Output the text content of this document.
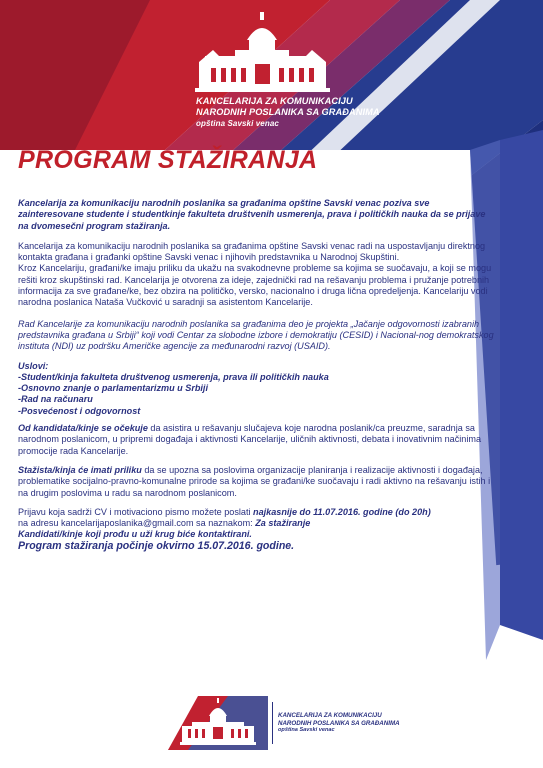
KANCELARIJA ZA KOMUNIKACIJU
NARODNIH POSLANIKA SA GRAĐANIMA
opština Savski venac
PROGRAM STAŽIRANJA

Kancelarija za komunikaciju narodnih poslanika sa građanima opštine Savski venac poziva sve zainteresovane studente i studentkinje fakulteta društvenih usmerenja, prava i političkih nauka da se prijave na dvomesečni program stažiranja.

Kancelarija za komunikaciju narodnih poslanika sa građanima opštine Savski venac radi na uspostavljanju direktnog kontakta građana i građanki opštine Savski venac i njihovih predstavnika u Narodnoj Skupštini.

Kroz Kancelariju, građani/ke imaju priliku da ukažu na svakodnevne probleme sa kojima se suočavaju, a koji se mogu rešiti kroz skupštinski rad. Kancelarija je otvorena za ideje, zajednički rad na rešavanju problema i pružanje potrebnih informacija za sve građane/ke, bez obzira na političko, versko, nacionalno i druga lična opredeljenja. Kancelariju vodi narodna poslanica Nataša Vučković u saradnji sa asistentom Kancelarije.

Rad Kancelarije za komunikaciju narodnih poslanika sa građanima deo je projekta „Jačanje odgovornosti izabranih predstavnika građana u Srbiji“ koji vodi Centar za slobodne izbore i demokratiju (CESID) i Nacional-nog demokratskog instituta (NDI) uz podršku Američke agencije za međunarodni razvoj (USAID).

Uslovi:
-Student/kinja fakulteta društvenog usmerenja, prava ili političkih nauka
-Osnovno znanje o parlamentarizmu u Srbiji
-Rad na računaru
-Posvećenost i odgovornost

Od kandidata/kinje se očekuje da asistira u rešavanju slučajeva koje narodna poslanik/ca preuzme, saradnja sa narodnom poslanicom, u pripremi događaja i aktivnosti Kancelarije, uličnih aktivnosti, debata i inovativnim načinima promocije rada Kancelarije.

Stažista/kinja će imati priliku da se upozna sa poslovima organizacije planiranja i realizacije aktivnosti i događaja, problematike socijalno-pravno-komunalne prirode sa kojima se građani/ke suočavaju i radi aktivno na rešavanju istih i na drugim poslovima u radu sa narodnom poslanicom.

Prijavu koja sadrži CV i motivaciono pismo možete poslati najkasnije do 11.07.2016. godine (do 20h)
na adresu kancelarijaposlanika@gmail.com sa naznakom: Za stažiranje

Kandidati/kinje koji prođu u uži krug biće kontaktirani.

Program stažiranja počinje okvirno 15.07.2016. godine.

KANCELARIJA ZA KOMUNIKACIJU
NARODNIH POSLANIKA SA GRAĐANIMA
opština Savski venac
